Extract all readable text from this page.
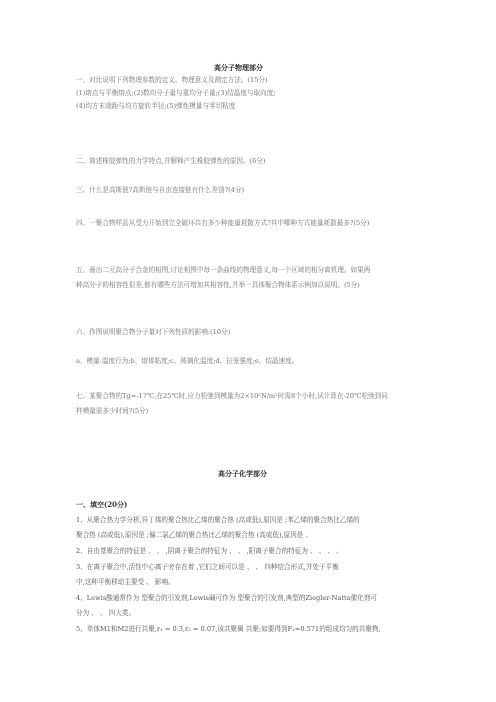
高分子物理部分
一、对比说明下列物理参数的定义、物理意义及测定方法。(15分)
(1)熔点与平衡熔点;(2)数均分子量与重均分子量;(3)结晶度与取向度;
(4)均方末端距与均方旋转半径;(5)弹性模量与零切粘度
二、简述橡胶弹性的力学特点,并解释产生橡胶弹性的原因。(6分)
三、什么是高斯链?高斯链与自由连接链有什么差别?(4分)
四、一聚合物样品从受力开始到完全破坏共有多少种能量耗散方式?其中哪种方式能量耗散最多?(5分)
五、画出二元高分子合金的相图,讨论相图中每一条曲线的物理意义,每一个区域的相分离机理。如果两
种高分子的相容性很差,都有哪些方法可增加其相容性,并举一具体聚合物体系示例加以说明。(5分)
六、作图说明聚合物分子量对下列性质的影响:(10分)
a、模量-温度行为;b、熔体粘度;c、玻璃化温度;d、拉张强度;e、结晶速度。
七、某聚合物的Tg=-17℃,在25℃时,应力松弛到模量为2×10⁵N/m²时需8个小时,试计算在-20℃松弛到同
样模量需多少时间?(5分)
高分子化学部分
一、填空(20分)
1、从聚合热力学分析,异丁烯的聚合热比乙烯的聚合热 (高或低),原因是 ;苯乙烯的聚合热比乙烯的
聚合热 (高或低),原因是 ;偏二氯乙烯的聚合热比乙烯的聚合热 (高或低),原因是 。
2、自由基聚合的特征是 、 、 ,阴离子聚合的特征为 、 、 ,阳离子聚合的特征为 、 、 、 。
3、在离子聚合中,活性中心离子旁存在着 ,它们之间可以是 、 、 四种结合形式,并处于平衡
中,这种平衡移动主要受 、 影响。
4、Lewis酸通常作为 型聚合的引发剂,Lewis碱可作为 型聚合的引发剂,典型的Ziegler-Natta催化剂可
分为 、 、 四大类。
5、单体M1和M2进行共聚,r₁ = 0.3,r₂ = 0.07,该共聚属 共聚;如要得到F₁=0.571的组成均匀的共聚物,
